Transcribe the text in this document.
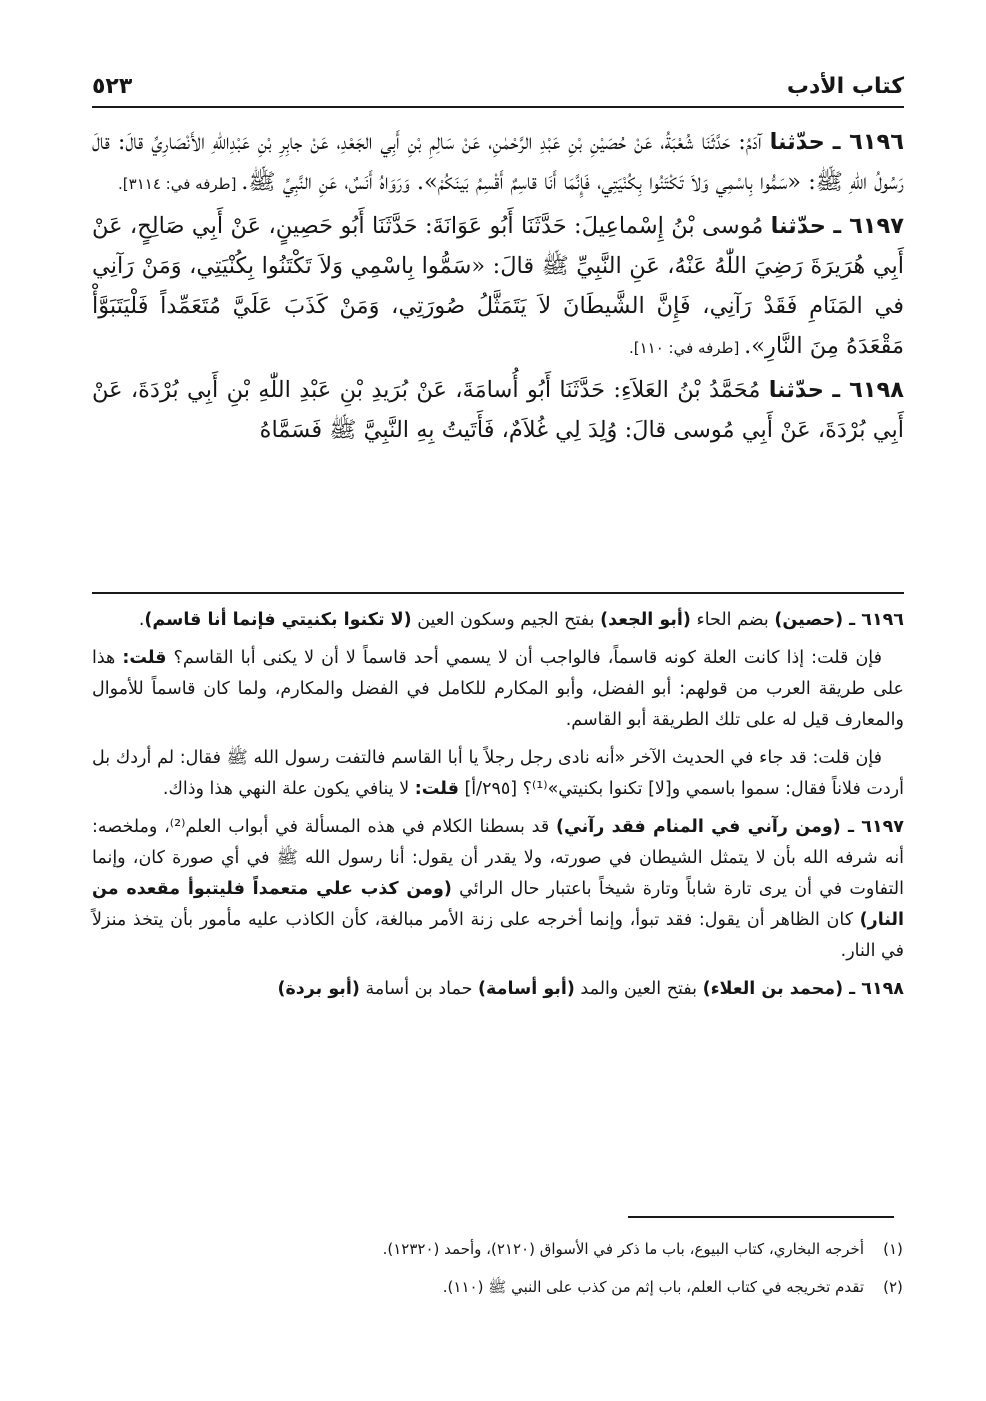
كتاب الأدب
٥٢٣

٦١٩٦ ـ حدّثنا آدَمُ: حَدَّثَنَا شُعْبَةُ، عَنْ حُصَيْنِ بْنِ عَبْدِ الرَّحْمٰنِ، عَنْ سَالِمِ بْنِ أَبِي الجَعْدِ، عَنْ جابِرِ بْنِ عَبْدِاللّٰهِ الأَنْصَارِيِّ قالَ: قالَ رَسُولُ اللّٰهِ ﷺ: «سَمُّوا بِاسْمِي وَلاَ تَكْتَنُوا بِكُنْيَتِي، فَإِنَّمَا أَنَا قاسِمٌ أَقْسِمُ بَينَكُمْ». وَرَوَاهُ أَنَسٌ، عَنِ النَّبِيِّ ﷺ. [طرفه في: ٣١١٤].

٦١٩٧ ـ حدّثنا مُوسى بْنُ إِسْماعِيلَ: حَدَّثَنَا أَبُو عَوَانَةَ: حَدَّثَنَا أَبُو حَصِينٍ، عَنْ أَبِي صَالِحٍ، عَنْ أَبِي هُرَيرَةَ رَضِيَ اللّٰهُ عَنْهُ، عَنِ النَّبِيِّ ﷺ قالَ: «سَمُّوا بِاسْمِي وَلاَ تَكْتَنُوا بِكُنْيَتِي، وَمَنْ رَآنِي في المَنَامِ فَقَدْ رَآنِي، فَإِنَّ الشَّيطَانَ لاَ يَتَمَثَّلُ صُورَتِي، وَمَنْ كَذَبَ عَلَيَّ مُتَعَمِّداً فَلْيَتَبَوَّأْ مَقْعَدَهُ مِنَ النَّارِ». [طرفه في: ١١٠].

٦١٩٨ ـ حدّثنا مُحَمَّدُ بْنُ العَلاَءِ: حَدَّثَنَا أَبُو أُسامَةَ، عَنْ بُرَيدِ بْنِ عَبْدِ اللّٰهِ بْنِ أَبِي بُرْدَةَ، عَنْ أَبِي بُرْدَةَ، عَنْ أَبِي مُوسى قالَ: وُلِدَ لِي غُلاَمٌ، فَأَتَيتُ بِهِ النَّبِيَّ ﷺ فَسَمَّاهُ

٦١٩٦ ـ (حصين) بضم الحاء (أبو الجعد) بفتح الجيم وسكون العين (لا تكنوا بكنيتي فإنما أنا قاسم).

فإن قلت: إذا كانت العلة كونه قاسماً، فالواجب أن لا يسمي أحد قاسماً لا أن لا يكنى أبا القاسم؟ قلت: هذا على طريقة العرب من قولهم: أبو الفضل، وأبو المكارم للكامل في الفضل والمكارم، ولما كان قاسماً للأموال والمعارف قيل له على تلك الطريقة أبو القاسم.

فإن قلت: قد جاء في الحديث الآخر «أنه نادى رجل رجلاً يا أبا القاسم فالتفت رسول الله ﷺ فقال: لم أردك بل أردت فلاناً فقال: سموا باسمي و[لا] تكنوا بكنيتي»⁽¹⁾؟ [٢٩٥/أ] قلت: لا ينافي يكون علة النهي هذا وذاك.

٦١٩٧ ـ (ومن رآني في المنام فقد رآني) قد بسطنا الكلام في هذه المسألة في أبواب العلم⁽²⁾، وملخصه: أنه شرفه الله بأن لا يتمثل الشيطان في صورته، ولا يقدر أن يقول: أنا رسول الله ﷺ في أي صورة كان، وإنما التفاوت في أن يرى تارة شاباً وتارة شيخاً باعتبار حال الرائي (ومن كذب علي متعمداً فليتبوأ مقعده من النار) كان الظاهر أن يقول: فقد تبوأ، وإنما أخرجه على زنة الأمر مبالغة، كأن الكاذب عليه مأمور بأن يتخذ منزلاً في النار.

٦١٩٨ ـ (محمد بن العلاء) بفتح العين والمد (أبو أسامة) حماد بن أسامة (أبو بردة)

(١)
أخرجه البخاري، كتاب البيوع، باب ما ذكر في الأسواق (٢١٢٠)، وأحمد (١٢٣٢٠).
(٢)
تقدم تخريجه في كتاب العلم، باب إثم من كذب على النبي ﷺ (١١٠).
